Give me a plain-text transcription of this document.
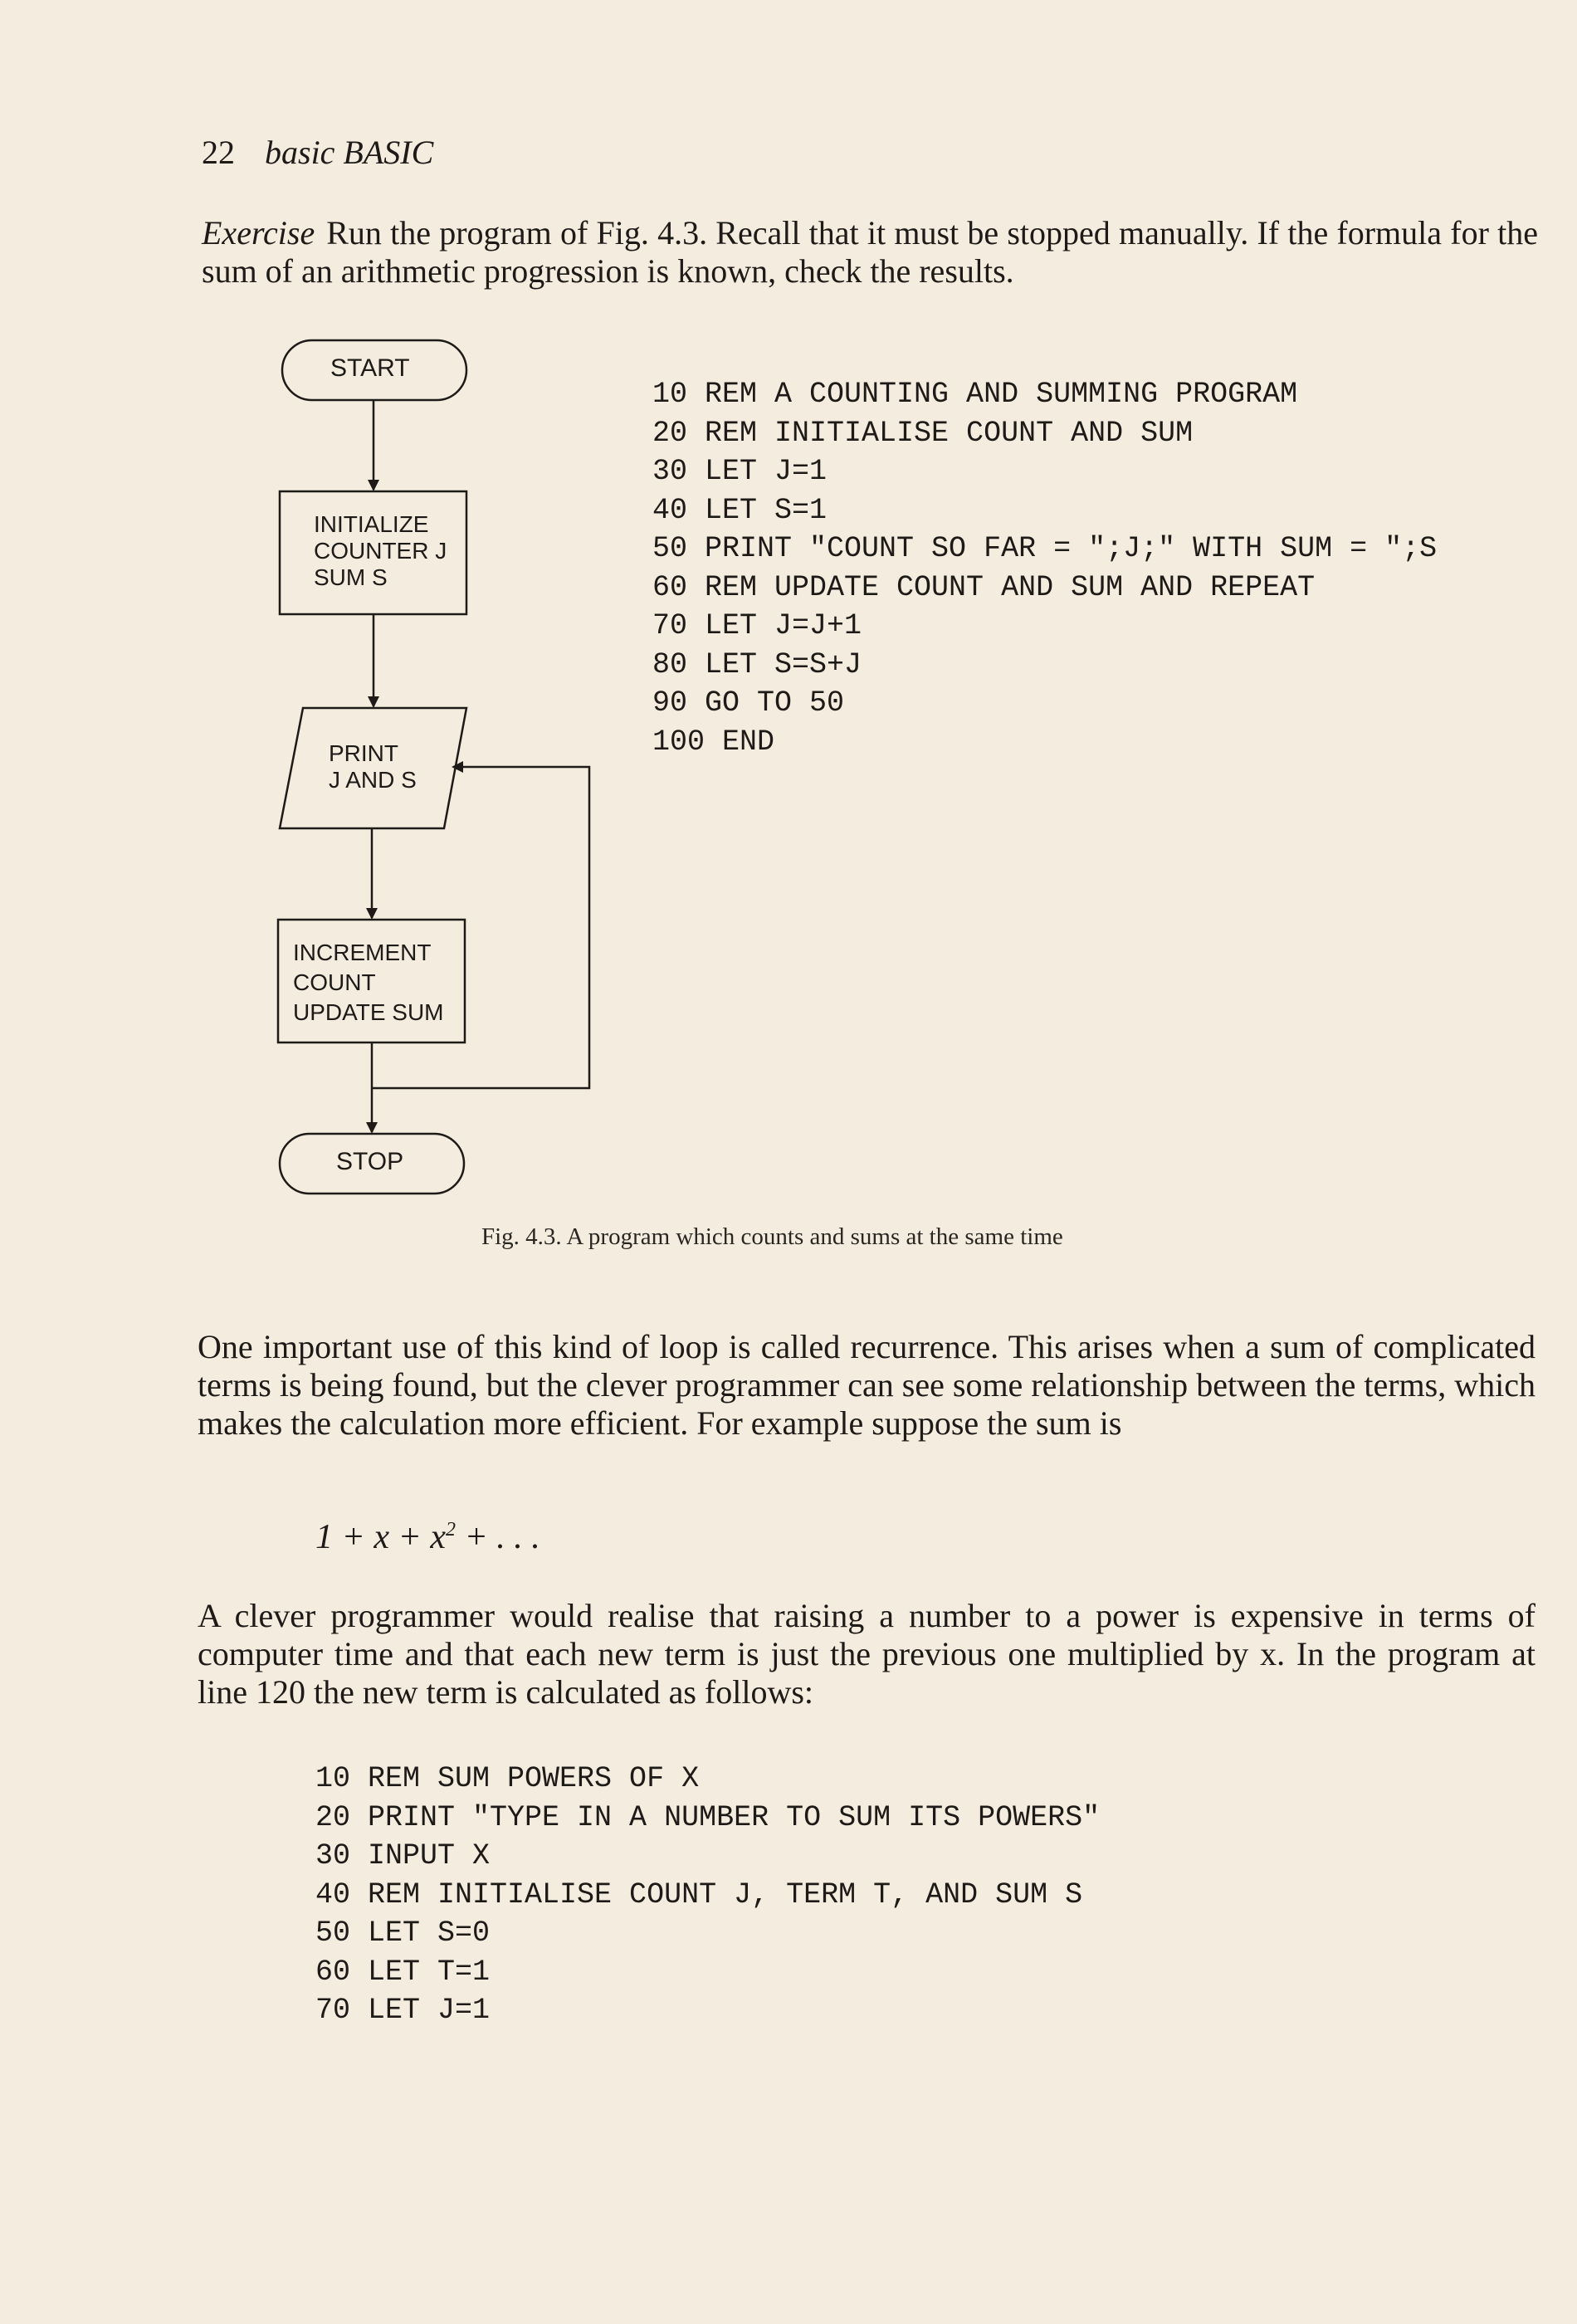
22 basic BASIC
Exercise Run the program of Fig. 4.3. Recall that it must be stopped manually. If the formula for the sum of an arithmetic progression is known, check the results.
START
INITIALIZE
COUNTER J
SUM S
PRINT
J AND S
INCREMENT
COUNT
UPDATE SUM
STOP
10 REM A COUNTING AND SUMMING PROGRAM
20 REM INITIALISE COUNT AND SUM
30 LET J=1
40 LET S=1
50 PRINT "COUNT SO FAR = ";J;" WITH SUM = ";S
60 REM UPDATE COUNT AND SUM AND REPEAT
70 LET J=J+1
80 LET S=S+J
90 GO TO 50
100 END
Fig. 4.3. A program which counts and sums at the same time
One important use of this kind of loop is called recurrence. This arises when a sum of complicated terms is being found, but the clever programmer can see some relationship between the terms, which makes the calculation more efficient. For example suppose the sum is
$1 + x + x^2$ + . . .
A clever programmer would realise that raising a number to a power is expensive in terms of computer time and that each new term is just the previous one multiplied by x. In the program at line 120 the new term is calculated as follows:
10 REM SUM POWERS OF X
20 PRINT "TYPE IN A NUMBER TO SUM ITS POWERS"
30 INPUT X
40 REM INITIALISE COUNT J, TERM T, AND SUM S
50 LET S=0
60 LET T=1
70 LET J=1
